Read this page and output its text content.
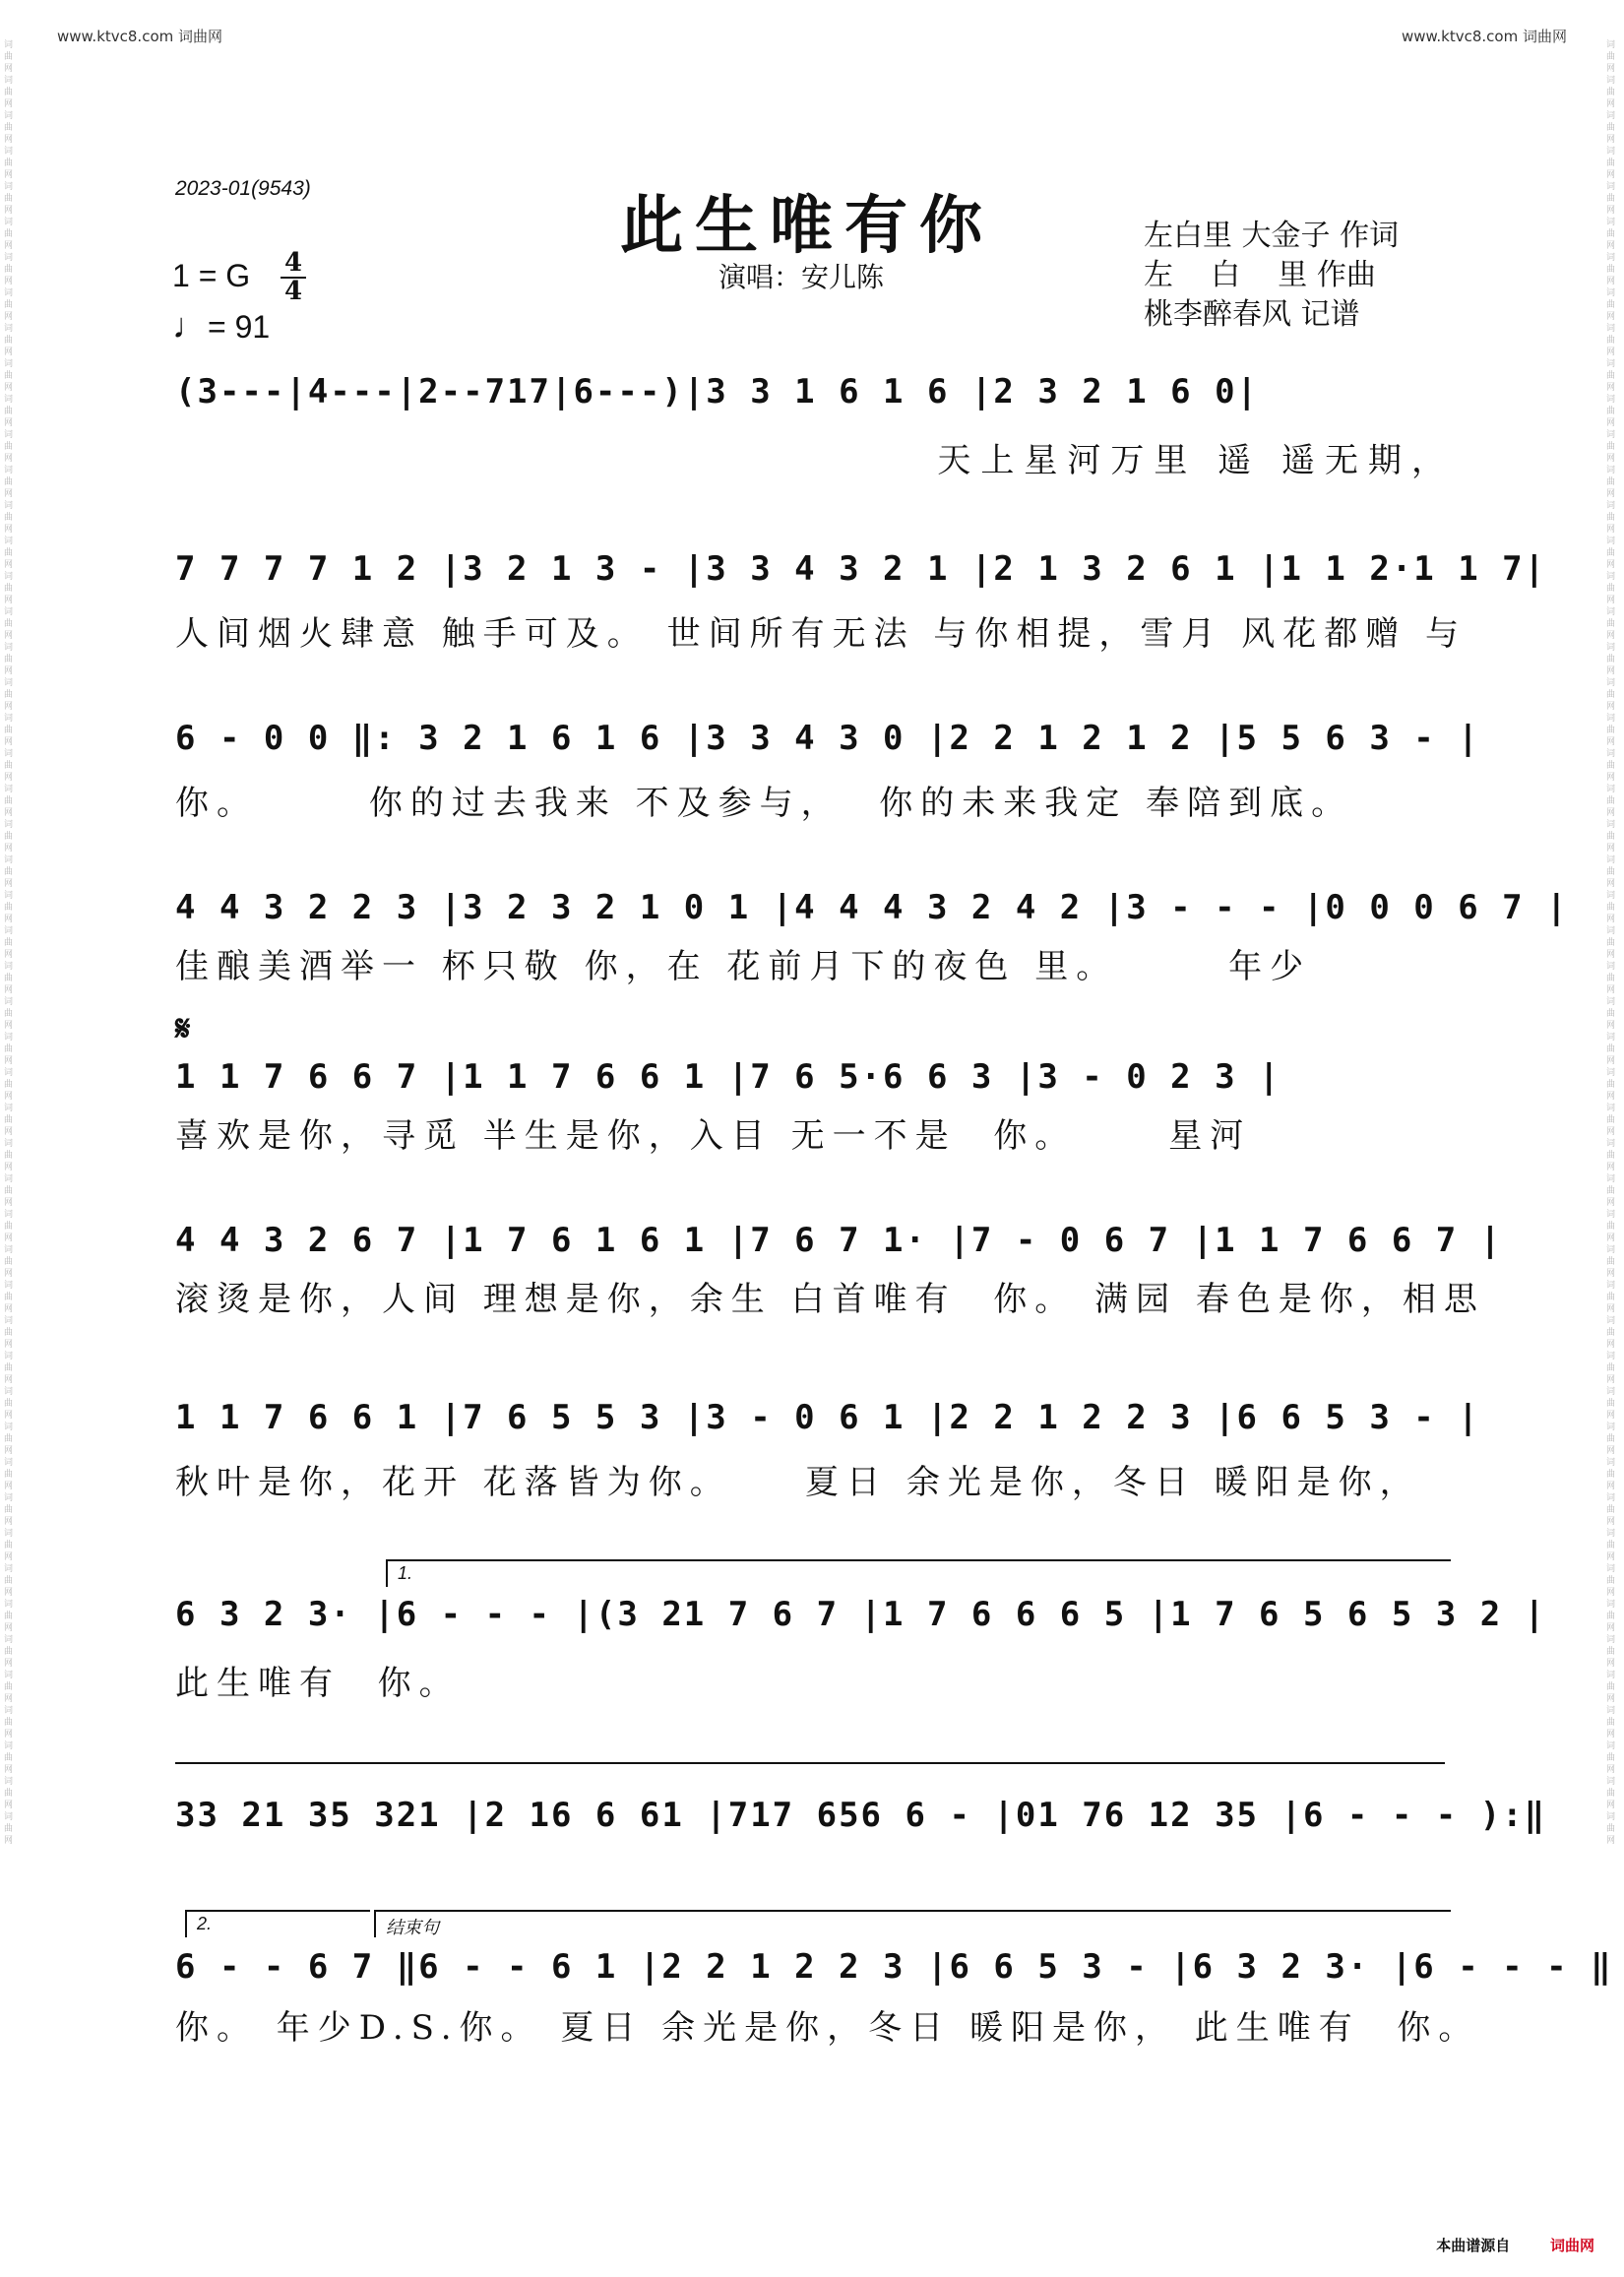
www.ktvc8.com 词曲网	www.ktvc8.com 词曲网
词曲网词曲网词曲网词曲网词曲网词曲网词曲网词曲网词曲网词曲网词曲网词曲网词曲网词曲网词曲网词曲网词曲网词曲网词曲网词曲网词曲网词曲网词曲网词曲网词曲网词曲网词曲网词曲网词曲网词曲网词曲网词曲网词曲网词曲网词曲网词曲网词曲网词曲网词曲网词曲网词曲网词曲网词曲网词曲网词曲网词曲网词曲网词曲网词曲网词曲网词曲网
词曲网词曲网词曲网词曲网词曲网词曲网词曲网词曲网词曲网词曲网词曲网词曲网词曲网词曲网词曲网词曲网词曲网词曲网词曲网词曲网词曲网词曲网词曲网词曲网词曲网词曲网词曲网词曲网词曲网词曲网词曲网词曲网词曲网词曲网词曲网词曲网词曲网词曲网词曲网词曲网词曲网词曲网词曲网词曲网词曲网词曲网词曲网词曲网词曲网词曲网词曲网
2023-01(9543)
此生唯有你
演唱：安儿陈
左白里 大金子 作词
左    白    里 作曲
桃李醉春风 记谱
1 = G 4
4
♩= 91
(3---|4---|2--717|6---)|3 3 1 6 1 6 |2 3 2 1 6 0|
天上星河万里 遥 遥无期，
7 7 7 7 1 2 |3 2 1 3 - |3 3 4 3 2 1 |2 1 3 2 6 1 |1 1 2·1 1 7|
人间烟火肆意 触手可及。 世间所有无法 与你相提，雪月 风花都赠 与
6 - 0 0 ‖: 3 2 1 6 1 6 |3 3 4 3 0 |2 2 1 2 1 2 |5 5 6 3 - |
你。      你的过去我来 不及参与，  你的未来我定 奉陪到底。
4 4 3 2 2 3 |3 2 3 2 1 0 1 |4 4 4 3 2 4 2 |3 - - - |0 0 0 6 7 |
佳酿美酒举一 杯只敬 你，在 花前月下的夜色 里。      年少
𝄋
1 1 7 6 6 7 |1 1 7 6 6 1 |7 6 5·6 6 3 |3 - 0 2 3 |
喜欢是你，寻觅 半生是你，入目 无一不是  你。     星河
4 4 3 2 6 7 |1 7 6 1 6 1 |7 6 7 1· |7 - 0 6 7 |1 1 7 6 6 7 |
滚烫是你，人间 理想是你，余生 白首唯有  你。 满园 春色是你，相思
1 1 7 6 6 1 |7 6 5 5 3 |3 - 0 6 1 |2 2 1 2 2 3 |6 6 5 3 - |
秋叶是你，花开 花落皆为你。    夏日 余光是你，冬日 暖阳是你，
1.
6 3 2 3· |6 - - - |(3 21 7 6 7 |1 7 6 6 6 5 |1 7 6 5 6 5 3 2 |
此生唯有  你。
33 21 35 321 |2 16 6 61 |717 656 6 - |01 76 12 35 |6 - - - ):‖
2.	结束句
6 - - 6 7 ‖6 - - 6 1 |2 2 1 2 2 3 |6 6 5 3 - |6 3 2 3· |6 - - - ‖
你。 年少D.S.你。 夏日 余光是你，冬日 暖阳是你， 此生唯有  你。
本曲谱源自	词曲网
